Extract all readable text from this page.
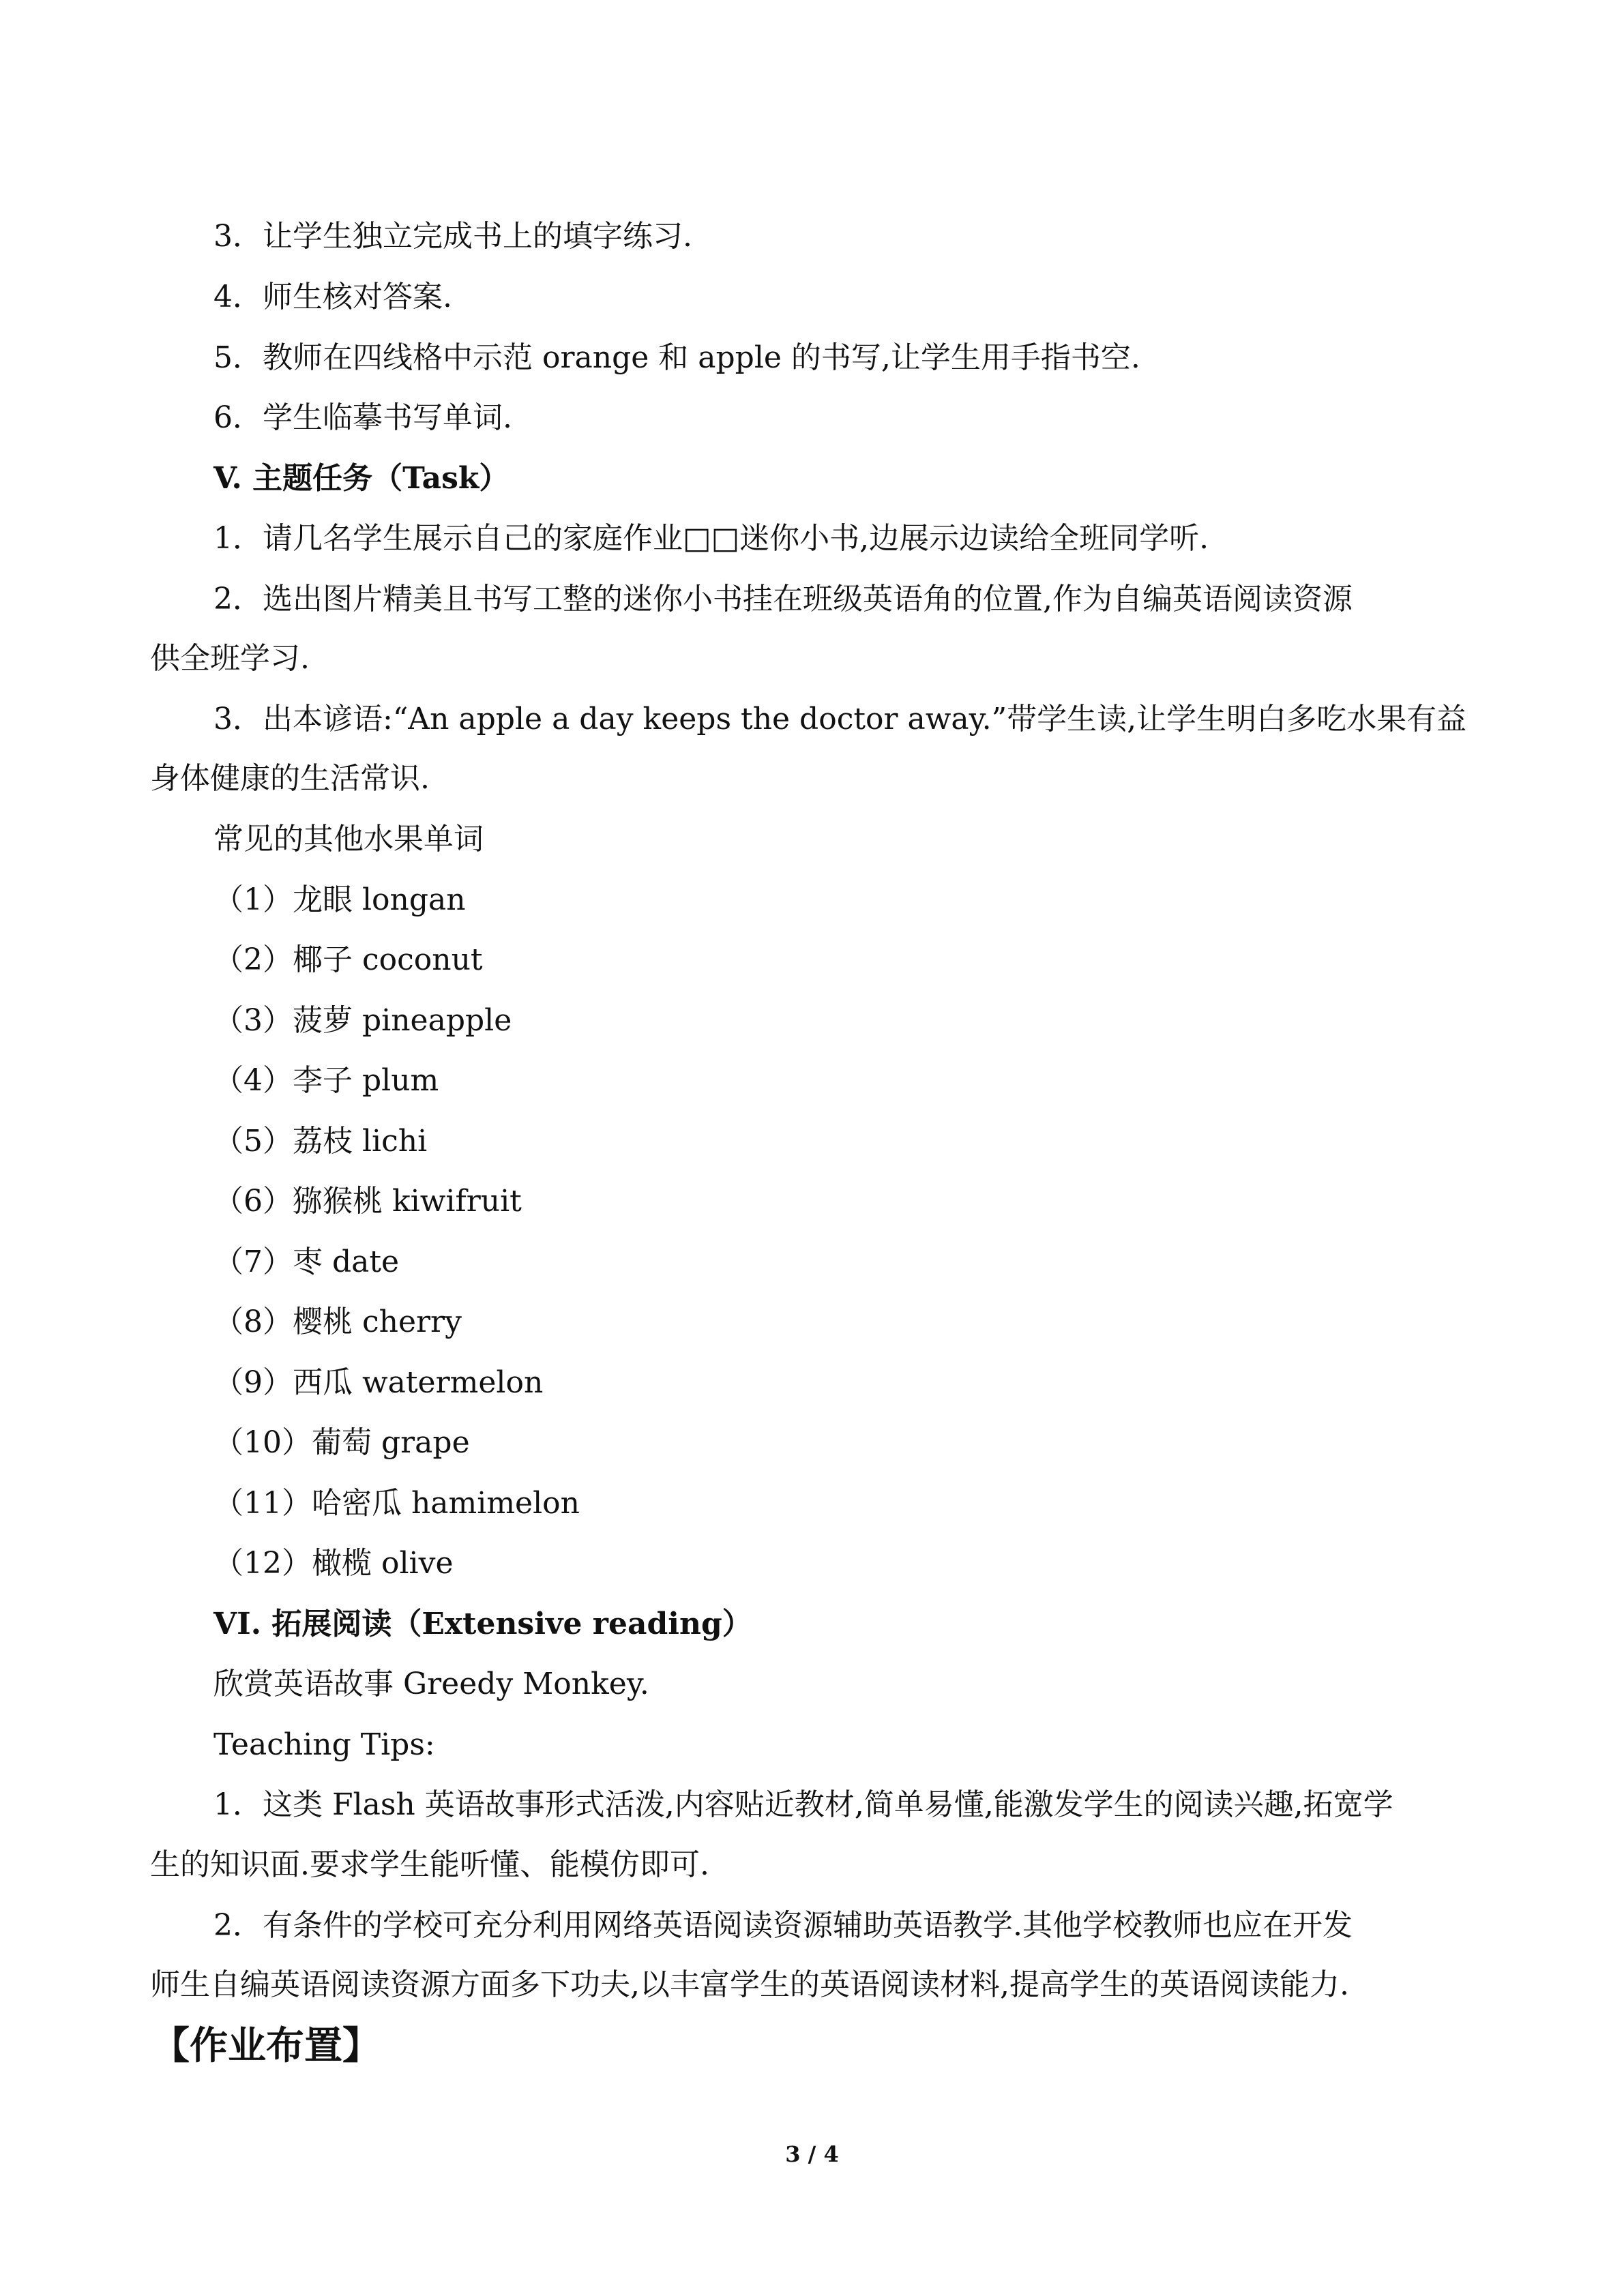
3．让学生独立完成书上的填字练习.
4．师生核对答案.
5．教师在四线格中示范 orange 和 apple 的书写,让学生用手指书空.
6．学生临摹书写单词.
V. 主题任务（Task）
1．请几名学生展示自己的家庭作业□□迷你小书,边展示边读给全班同学听.
2．选出图片精美且书写工整的迷你小书挂在班级英语角的位置,作为自编英语阅读资源
供全班学习.
3．出本谚语:“An apple a day keeps the doctor away.”带学生读,让学生明白多吃水果有益
身体健康的生活常识.
常见的其他水果单词
（1）龙眼 longan
（2）椰子 coconut
（3）菠萝 pineapple
（4）李子 plum
（5）荔枝 lichi
（6）猕猴桃 kiwifruit
（7）枣 date
（8）樱桃 cherry
（9）西瓜 watermelon
（10）葡萄 grape
（11）哈密瓜 hamimelon
（12）橄榄 olive
VI. 拓展阅读（Extensive reading）
欣赏英语故事 Greedy Monkey.
Teaching Tips:
1．这类 Flash 英语故事形式活泼,内容贴近教材,简单易懂,能激发学生的阅读兴趣,拓宽学
生的知识面.要求学生能听懂、能模仿即可.
2．有条件的学校可充分利用网络英语阅读资源辅助英语教学.其他学校教师也应在开发
师生自编英语阅读资源方面多下功夫,以丰富学生的英语阅读材料,提高学生的英语阅读能力.
【作业布置】
3 / 4
